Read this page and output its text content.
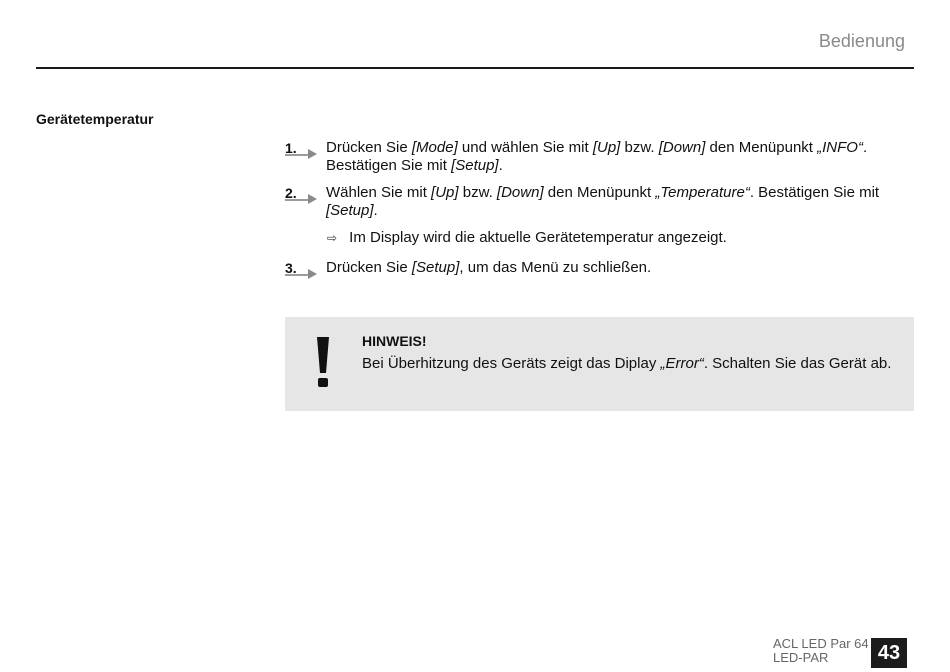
Bedienung
Gerätetemperatur
1.	Drücken Sie [Mode] und wählen Sie mit [Up] bzw. [Down] den Menüpunkt „INFO“. Bestätigen Sie mit [Setup].
2.	Wählen Sie mit [Up] bzw. [Down] den Menüpunkt „Temperature“. Bestätigen Sie mit [Setup].
⇨ Im Display wird die aktuelle Gerätetemperatur angezeigt.
3.	Drücken Sie [Setup], um das Menü zu schließen.
HINWEIS!
Bei Überhitzung des Geräts zeigt das Diplay „Error“. Schalten Sie das Gerät ab.
ACL LED Par 64
LED-PAR	43
